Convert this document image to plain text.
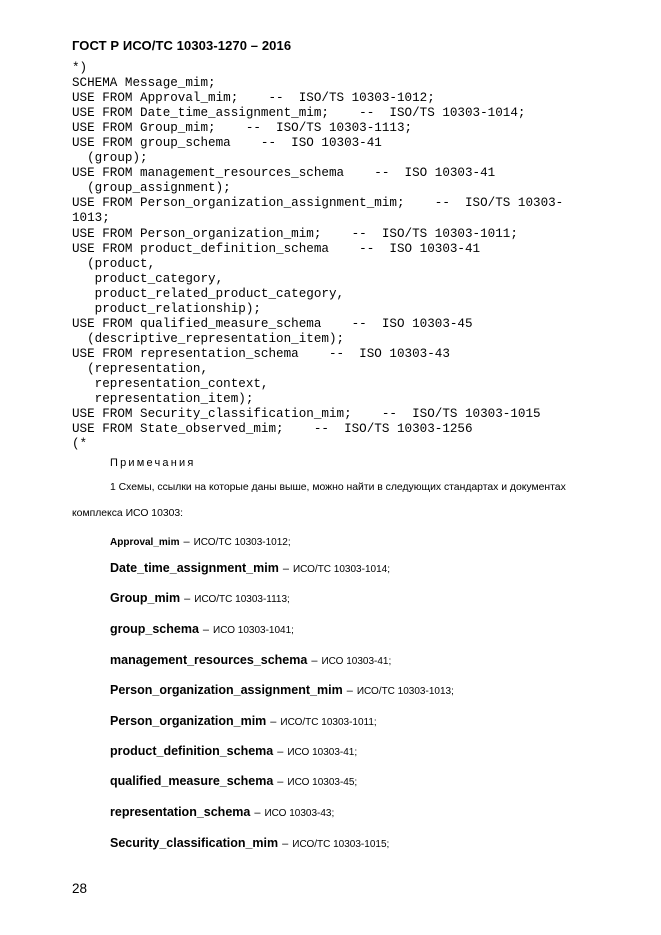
ГОСТ Р ИСО/ТС 10303-1270 – 2016
*)
SCHEMA Message_mim;
USE FROM Approval_mim;    --  ISO/TS 10303-1012;
USE FROM Date_time_assignment_mim;    --  ISO/TS 10303-1014;
USE FROM Group_mim;    --  ISO/TS 10303-1113;
USE FROM group_schema    --  ISO 10303-41
(group);
USE FROM management_resources_schema    --  ISO 10303-41
(group_assignment);
USE FROM Person_organization_assignment_mim;    --  ISO/TS 10303-
1013;
USE FROM Person_organization_mim;    --  ISO/TS 10303-1011;
USE FROM product_definition_schema    --  ISO 10303-41
(product,
product_category,
product_related_product_category,
product_relationship);
USE FROM qualified_measure_schema    --  ISO 10303-45
(descriptive_representation_item);
USE FROM representation_schema    --  ISO 10303-43
(representation,
representation_context,
representation_item);
USE FROM Security_classification_mim;    --  ISO/TS 10303-1015
USE FROM State_observed_mim;    --  ISO/TS 10303-1256
(*
Примечания
1 Схемы, ссылки на которые даны выше, можно найти в следующих стандартах и документах
комплекса ИСО 10303:
Approval_mim – ИСО/ТС 10303-1012;
Date_time_assignment_mim – ИСО/ТС 10303-1014;
Group_mim – ИСО/ТС 10303-1113;
group_schema – ИСО 10303-1041;
management_resources_schema – ИСО 10303-41;
Person_organization_assignment_mim – ИСО/ТС 10303-1013;
Person_organization_mim – ИСО/ТС 10303-1011;
product_definition_schema – ИСО 10303-41;
qualified_measure_schema – ИСО 10303-45;
representation_schema – ИСО 10303-43;
Security_classification_mim – ИСО/ТС 10303-1015;
28
